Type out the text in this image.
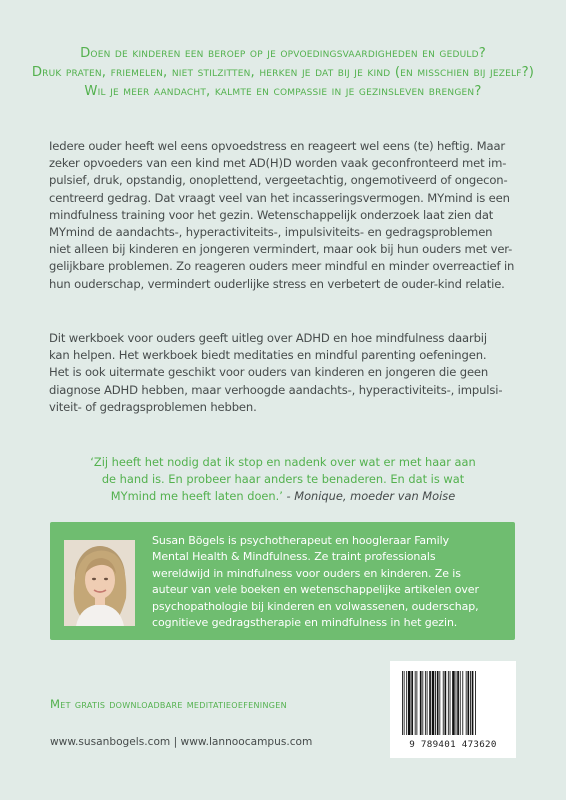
Doen de kinderen een beroep op je opvoedingsvaardigheden en geduld?
Druk praten, friemelen, niet stilzitten, herken je dat bij je kind (en misschien bij jezelf?)
Wil je meer aandacht, kalmte en compassie in je gezinsleven brengen?
Iedere ouder heeft wel eens opvoedstress en reageert wel eens (te) heftig. Maar
zeker opvoeders van een kind met AD(H)D worden vaak geconfronteerd met im-
pulsief, druk, opstandig, onoplettend, vergeetachtig, ongemotiveerd of ongecon-
centreerd gedrag. Dat vraagt veel van het incasseringsvermogen. MYmind is een
mindfulness training voor het gezin. Wetenschappelijk onderzoek laat zien dat
MYmind de aandachts-, hyperactiviteits-, impulsiviteits- en gedragsproblemen
niet alleen bij kinderen en jongeren vermindert, maar ook bij hun ouders met ver-
gelijkbare problemen. Zo reageren ouders meer mindful en minder overreactief in
hun ouderschap, vermindert ouderlijke stress en verbetert de ouder-kind relatie.
Dit werkboek voor ouders geeft uitleg over ADHD en hoe mindfulness daarbij
kan helpen. Het werkboek biedt meditaties en mindful parenting oefeningen.
Het is ook uitermate geschikt voor ouders van kinderen en jongeren die geen
diagnose ADHD hebben, maar verhoogde aandachts-, hyperactiviteits-, impulsi-
viteit- of gedragsproblemen hebben.
‘Zij heeft het nodig dat ik stop en nadenk over wat er met haar aan
de hand is. En probeer haar anders te benaderen. En dat is wat
MYmind me heeft laten doen.’ - Monique, moeder van Moise
Susan Bögels is psychotherapeut en hoogleraar Family
Mental Health & Mindfulness. Ze traint professionals
wereldwijd in mindfulness voor ouders en kinderen. Ze is
auteur van vele boeken en wetenschappelijke artikelen over
psychopathologie bij kinderen en volwassenen, ouderschap,
cognitieve gedragstherapie en mindfulness in het gezin.
Met gratis downloadbare meditatieoefeningen
www.susanbogels.com | www.lannoocampus.com	9 789401 473620
